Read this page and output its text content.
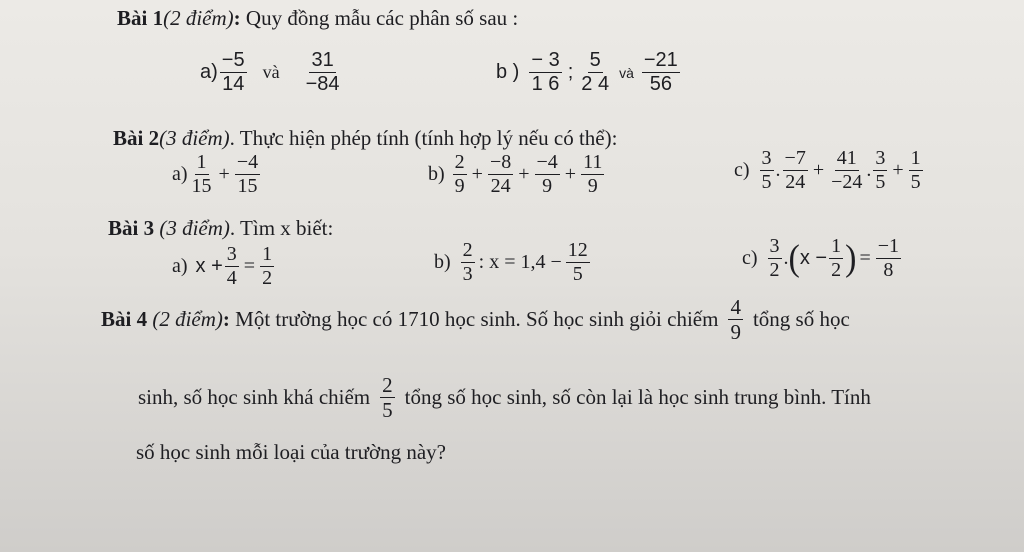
Bài 1(2 điểm): Quy đồng mẫu các phân số sau :
$a) \frac{-5}{14}$ và $\frac{31}{-84}$	b ) $\frac{- 3}{1 6}$ ; $\frac{5}{2 4}$ và $\frac{-21}{56}$
Bài 2(3 điểm). Thực hiện phép tính (tính hợp lý nếu có thể):
$a) \frac{1}{15} + \frac{-4}{15}$	$b) \frac{2}{9} + \frac{-8}{24} + \frac{-4}{9} + \frac{11}{9}$	$c) \frac{3}{5}$ . $\frac{-7}{24} + \frac{41}{-24}$ . $\frac{3}{5} + \frac{1}{5}$
Bài 3 (3 điểm). Tìm x biết:
a) $x + \frac{3}{4} = \frac{1}{2}$	$b) \frac{2}{3}$ : $x = 1,4 - \frac{12}{5}$	$c) \frac{3}{2}$ . ( $x - \frac{1}{2}$ ) = $\frac{-1}{8}$
Bài 4
(2 điểm) :
Một trường học có 1710 học sinh. Số học sinh giỏi chiếm $\frac{4}{9}$ tổng số học
sinh, số học sinh khá chiếm $\frac{2}{5}$ tổng số học sinh, số còn lại là học sinh trung bình. Tính
số học sinh mỗi loại của trường này?
